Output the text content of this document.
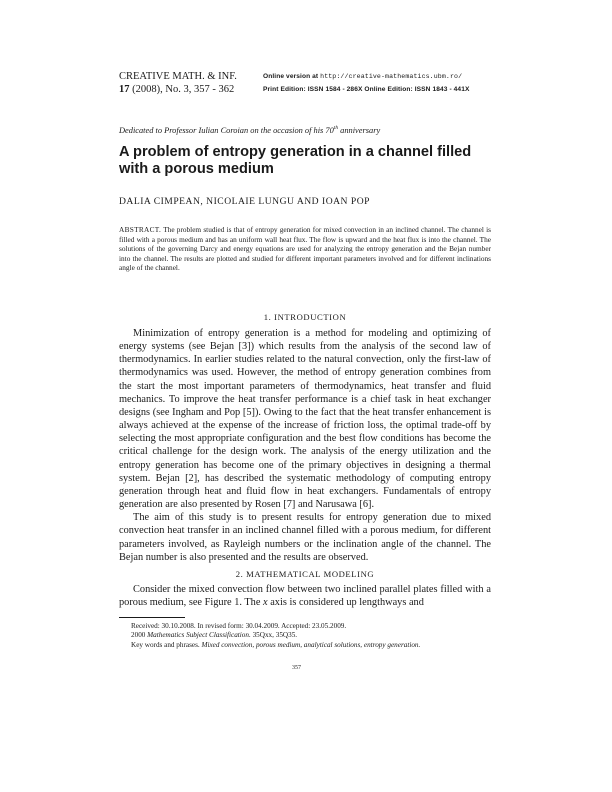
CREATIVE MATH. & INF.
17 (2008), No. 3, 357 - 362
Online version at http://creative-mathematics.ubm.ro/
Print Edition: ISSN 1584 - 286X Online Edition: ISSN 1843 - 441X
Dedicated to Professor Iulian Coroian on the occasion of his 70th anniversary
A problem of entropy generation in a channel filled
with a porous medium
DALIA CIMPEAN, NICOLAIE LUNGU AND IOAN POP
ABSTRACT. The problem studied is that of entropy generation for mixed convection in an inclined channel. The channel is filled with a porous medium and has an uniform wall heat flux. The flow is upward and the heat flux is into the channel. The solutions of the governing Darcy and energy equations are used for analyzing the entropy generation and the Bejan number into the channel. The results are plotted and studied for different important parameters involved and for different inclinations angle of the channel.
1. INTRODUCTION

Minimization of entropy generation is a method for modeling and optimizing of energy systems (see Bejan [3]) which results from the analysis of the second law of thermodynamics. In earlier studies related to the natural convection, only the first-law of thermodynamics was used. However, the method of entropy generation combines from the start the most important parameters of thermodynamics, heat transfer and fluid mechanics. To improve the heat transfer performance is a chief task in heat exchanger designs (see Ingham and Pop [5]). Owing to the fact that the heat transfer enhancement is always achieved at the expense of the increase of friction loss, the optimal trade-off by selecting the most appropriate configuration and the best flow conditions has become the critical challenge for the design work. The analysis of the energy utilization and the entropy generation has become one of the primary objectives in designing a thermal system. Bejan [2], has described the systematic methodology of computing entropy generation through heat and fluid flow in heat exchangers. Fundamentals of entropy generation are also presented by Rosen [7] and Narusawa [6].

The aim of this study is to present results for entropy generation due to mixed convection heat transfer in an inclined channel filled with a porous medium, for different parameters involved, as Rayleigh numbers or the inclination angle of the channel. The Bejan number is also presented and the results are observed.

2. MATHEMATICAL MODELING

Consider the mixed convection flow between two inclined parallel plates filled with a porous medium, see Figure 1. The x axis is considered up lengthways and

Received: 30.10.2008. In revised form: 30.04.2009. Accepted: 23.05.2009.
2000 Mathematics Subject Classification. 35Qxx, 35Q35.
Key words and phrases. Mixed convection, porous medium, analytical solutions, entropy generation.
357
